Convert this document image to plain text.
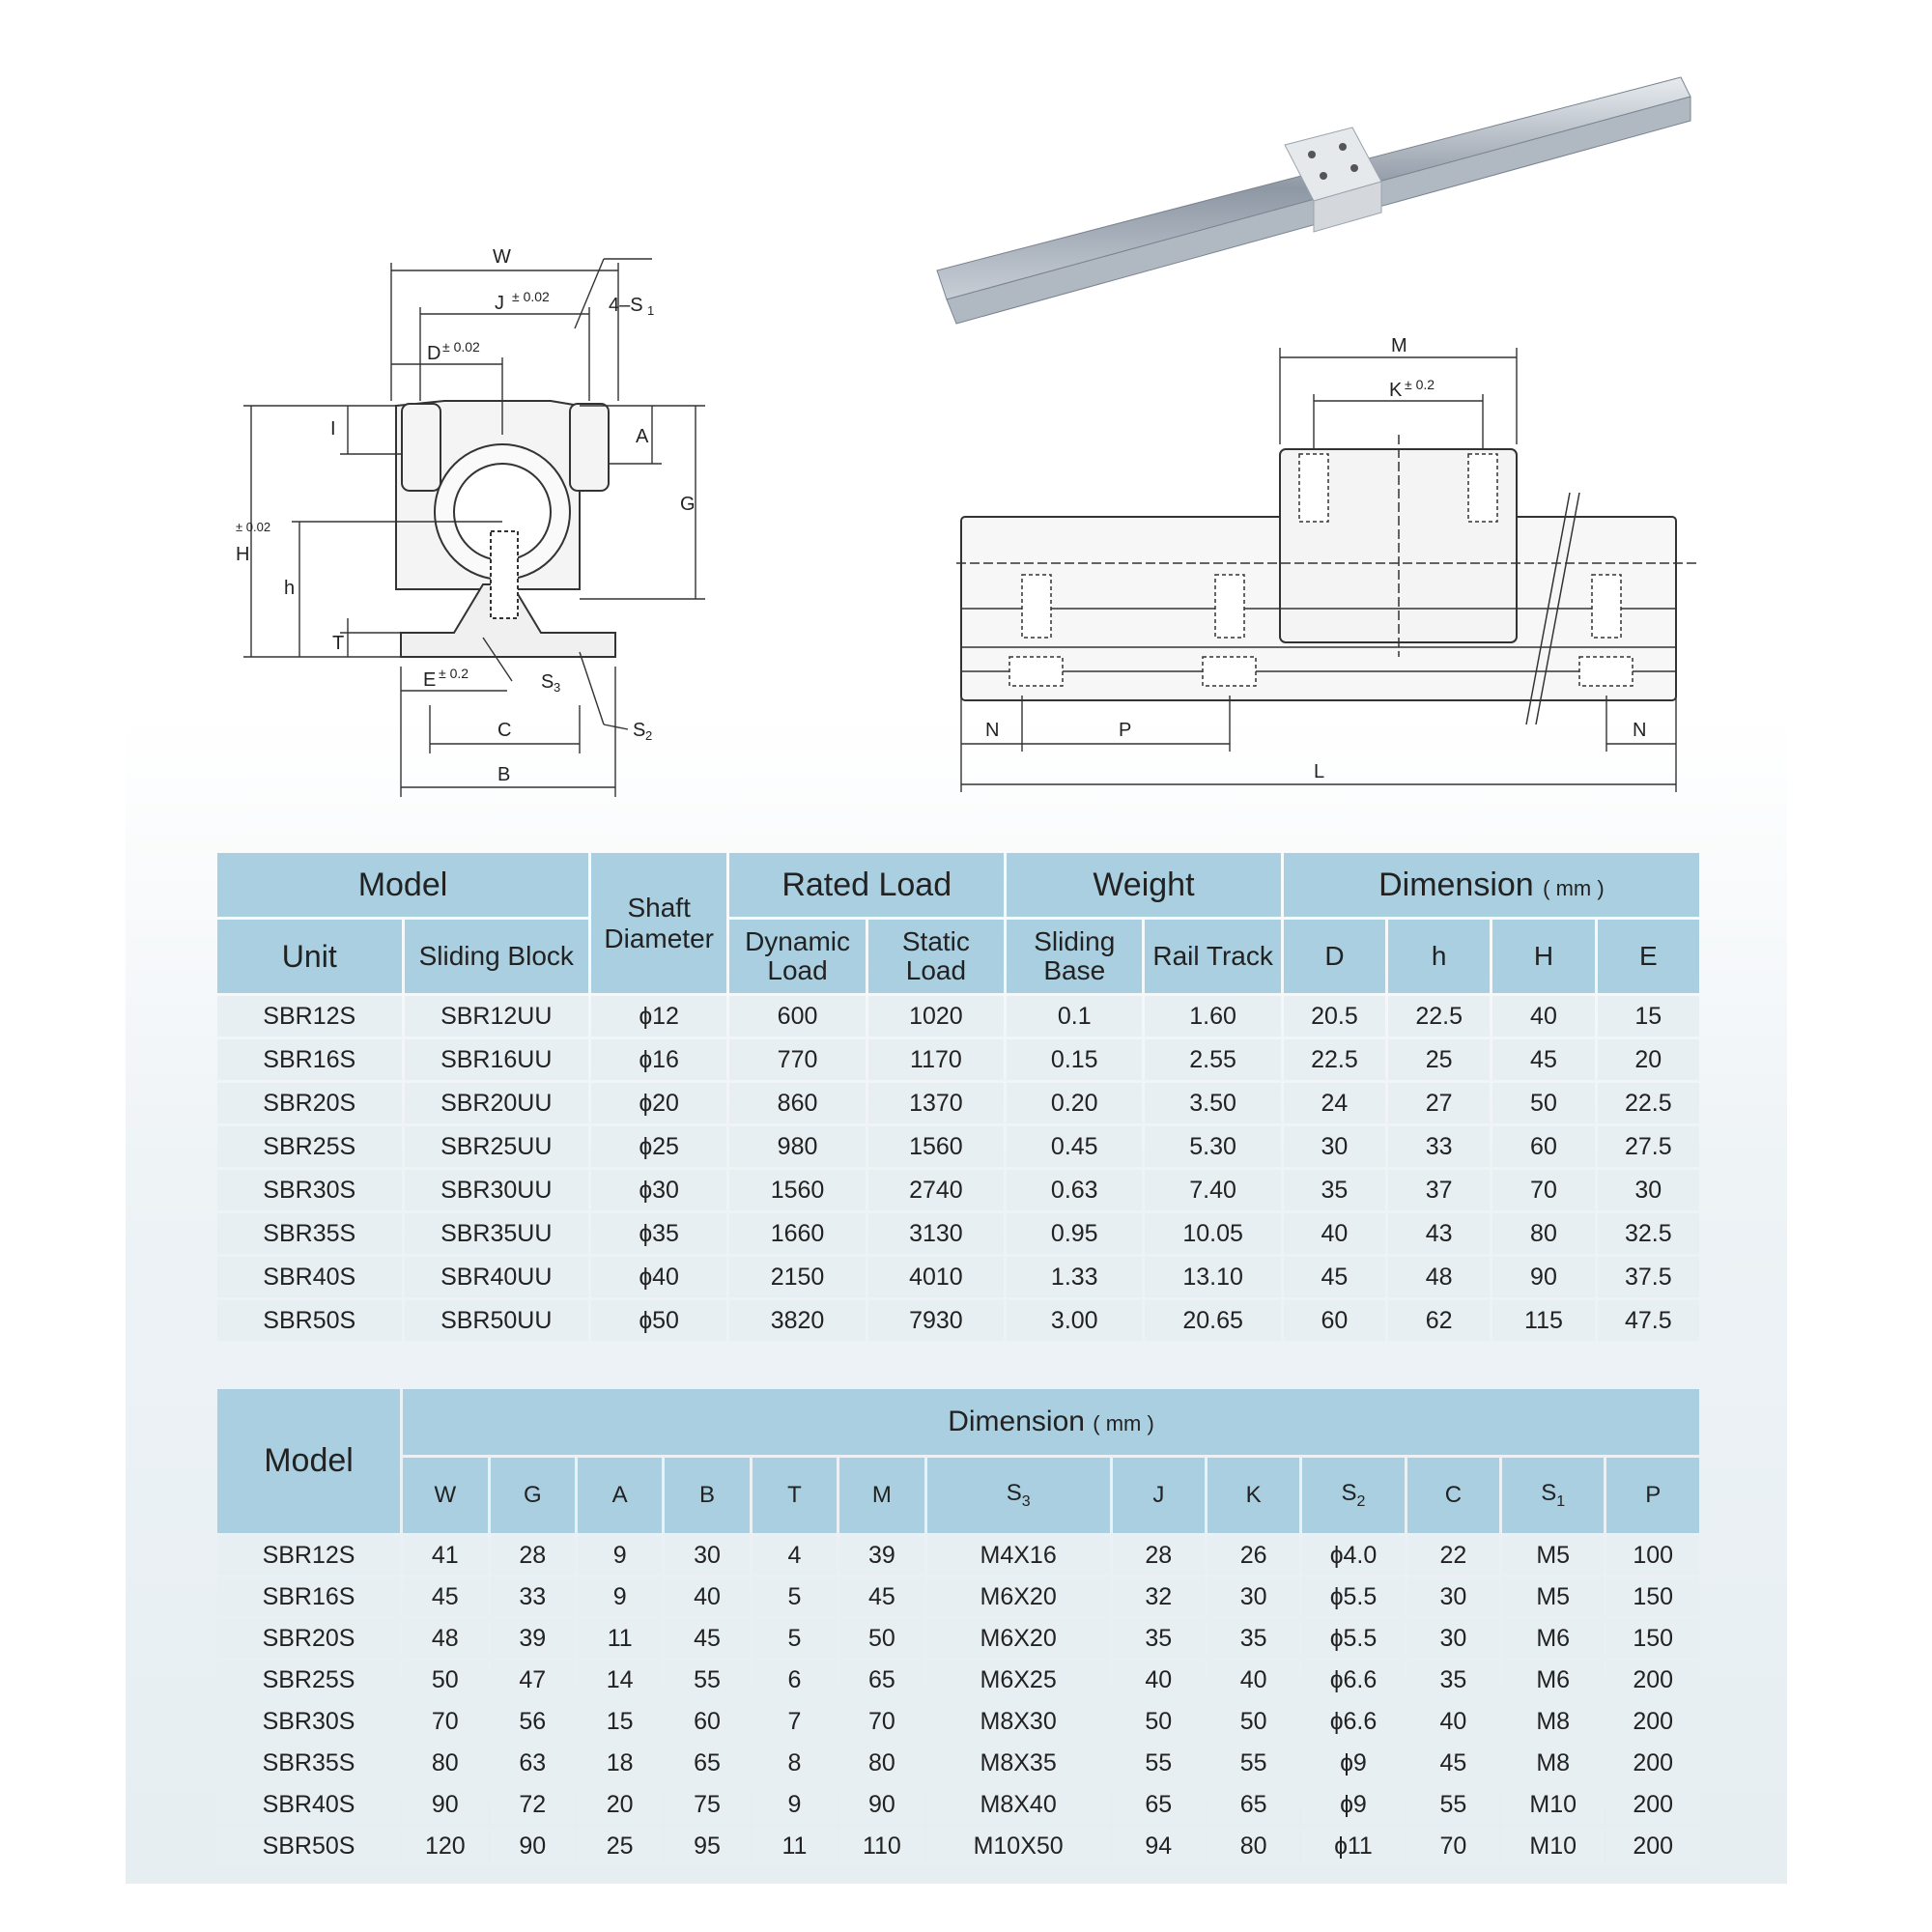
W
J ± 0.02	4–S 1
D ± 0.02
I	A
G
H
± 0.02
h
T
E ± 0.2	S 3
C	S 2
B
M
K ± 0.2
N	P	N
L
Model		Shaft Diameter	Rated Load		Weight		Dimension ( mm )			
Unit	Sliding Block		Dynamic Load	Static Load	Sliding Base	Rail Track	D	h	H	E
SBR12S	SBR12UU	ɸ12	600	1020	0.1	1.60	20.5	22.5	40	15
SBR16S	SBR16UU	ɸ16	770	1170	0.15	2.55	22.5	25	45	20
SBR20S	SBR20UU	ɸ20	860	1370	0.20	3.50	24	27	50	22.5
SBR25S	SBR25UU	ɸ25	980	1560	0.45	5.30	30	33	60	27.5
SBR30S	SBR30UU	ɸ30	1560	2740	0.63	7.40	35	37	70	30
SBR35S	SBR35UU	ɸ35	1660	3130	0.95	10.05	40	43	80	32.5
SBR40S	SBR40UU	ɸ40	2150	4010	1.33	13.10	45	48	90	37.5
SBR50S	SBR50UU	ɸ50	3820	7930	3.00	20.65	60	62	115	47.5
Model	Dimension ( mm )												
	W	G	A	B	T	M	$S_3$	J	K	$S_2$	C	$S_1$	P
SBR12S	41	28	9	30	4	39	M4X16	28	26	ɸ4.0	22	M5	100
SBR16S	45	33	9	40	5	45	M6X20	32	30	ɸ5.5	30	M5	150
SBR20S	48	39	11	45	5	50	M6X20	35	35	ɸ5.5	30	M6	150
SBR25S	50	47	14	55	6	65	M6X25	40	40	ɸ6.6	35	M6	200
SBR30S	70	56	15	60	7	70	M8X30	50	50	ɸ6.6	40	M8	200
SBR35S	80	63	18	65	8	80	M8X35	55	55	ɸ9	45	M8	200
SBR40S	90	72	20	75	9	90	M8X40	65	65	ɸ9	55	M10	200
SBR50S	120	90	25	95	11	110	M10X50	94	80	ɸ11	70	M10	200
